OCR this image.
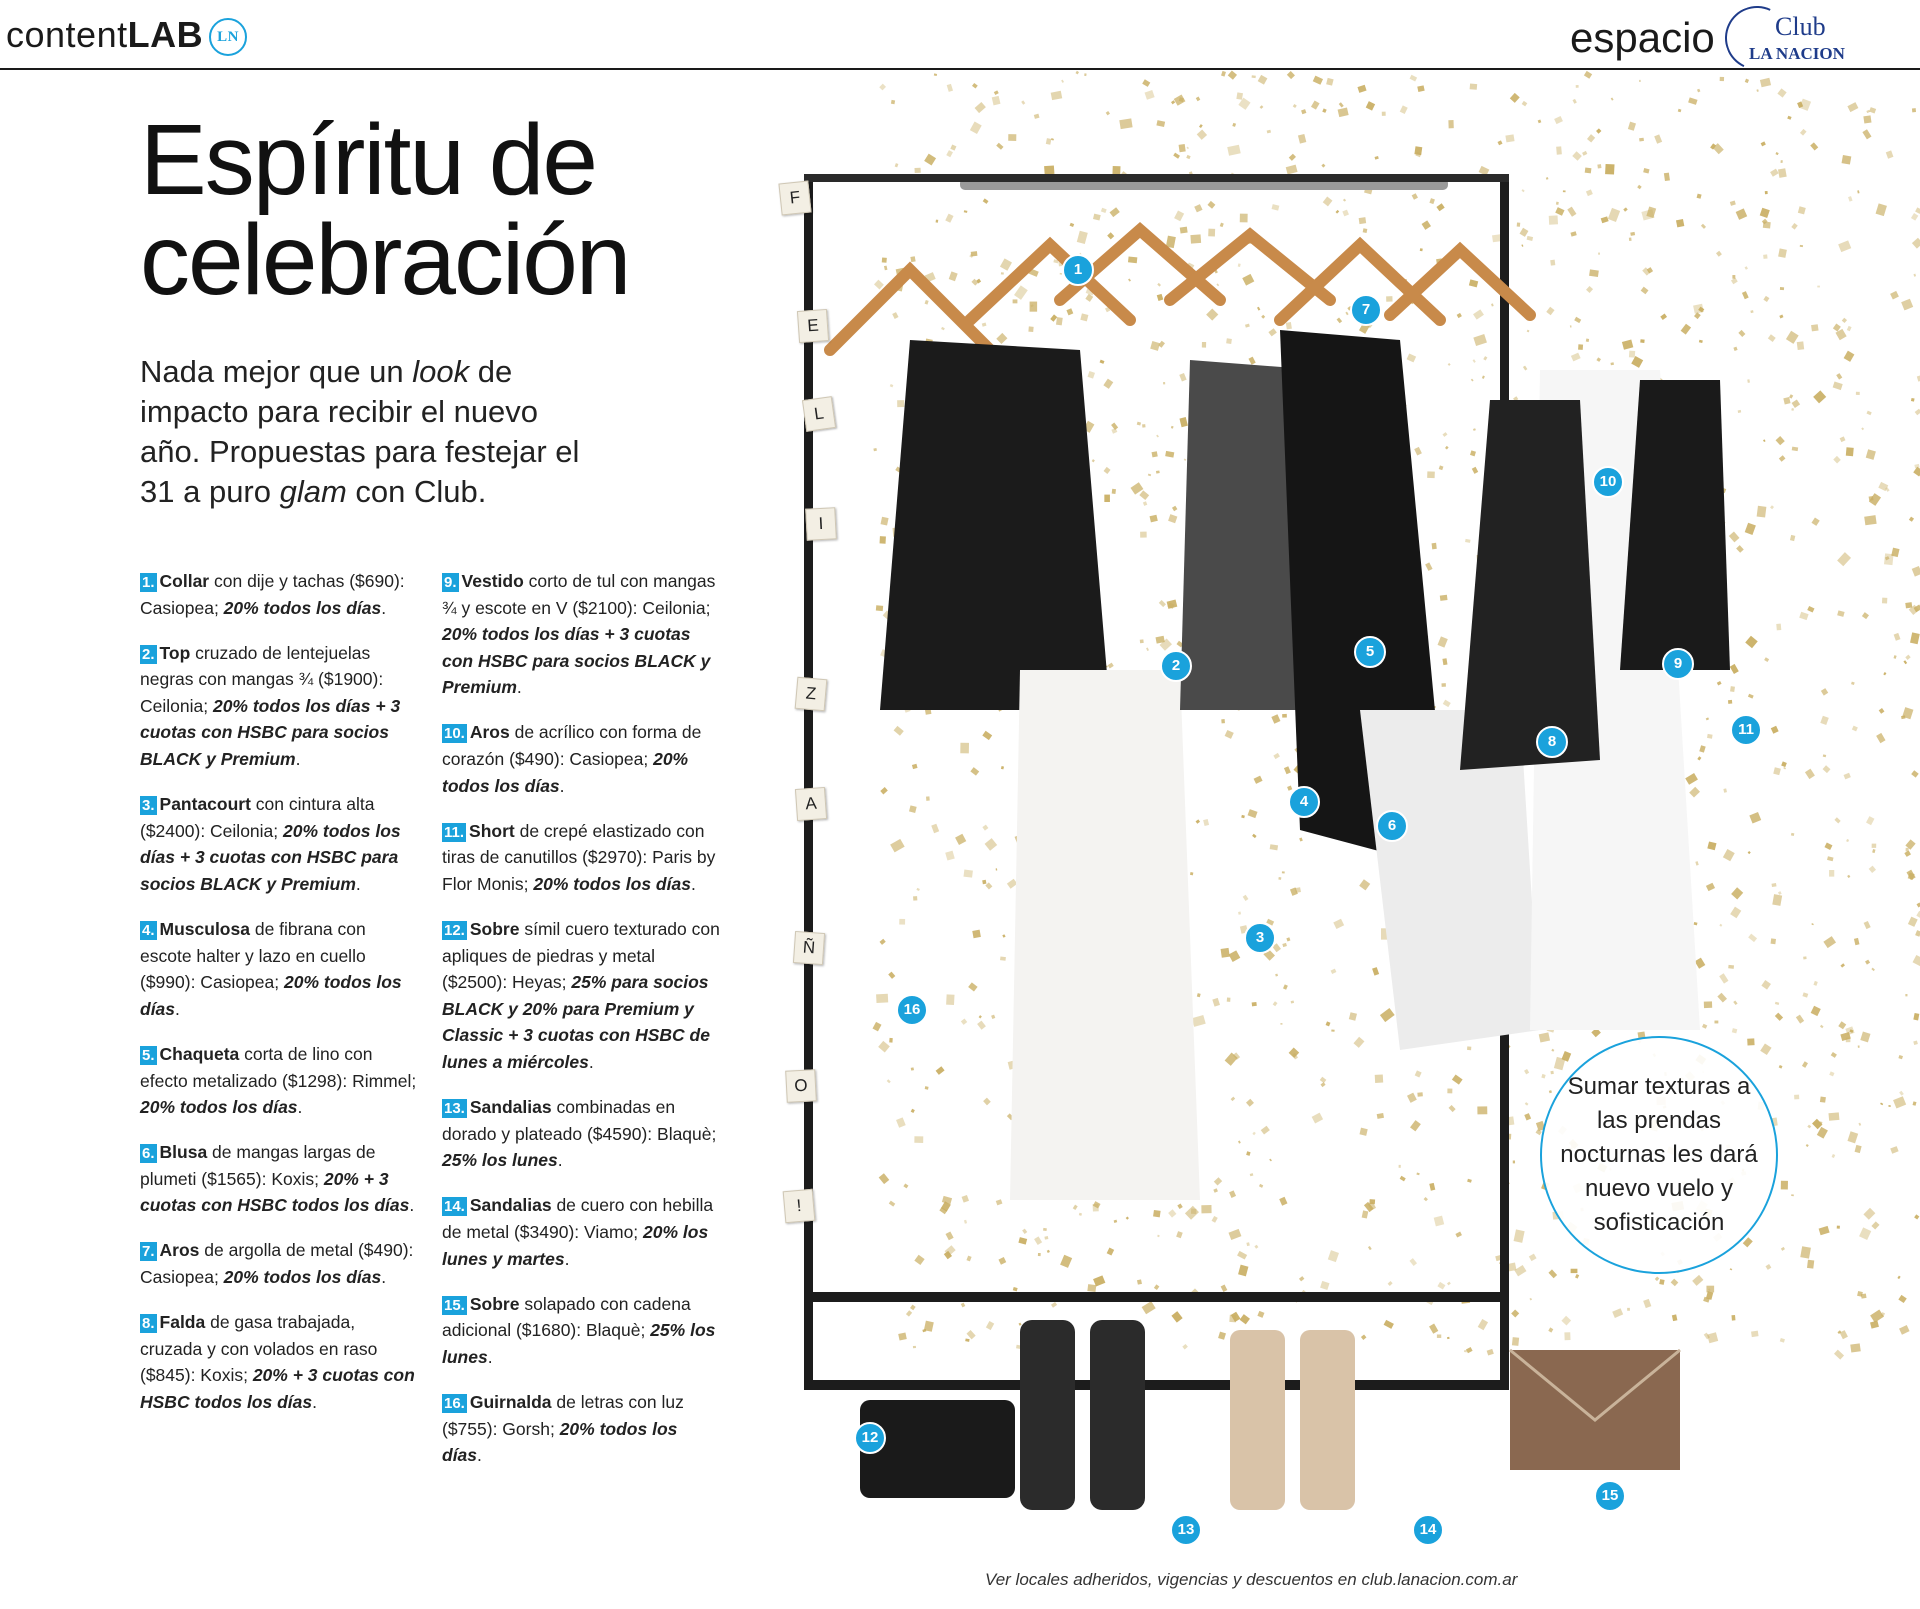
contentLAB LN	espacio Club
LA NACION
Espíritu de
celebración
Nada mejor que un look de impacto para recibir el nuevo año. Propuestas para festejar el 31 a puro glam con Club.
1. Collar con dije y tachas ($690): Casiopea; 20% todos los días.
2. Top cruzado de lentejuelas negras con mangas ¾ ($1900): Ceilonia; 20% todos los días + 3 cuotas con HSBC para socios BLACK y Premium.
3. Pantacourt con cintura alta ($2400): Ceilonia; 20% todos los días + 3 cuotas con HSBC para socios BLACK y Premium.
4. Musculosa de fibrana con escote halter y lazo en cuello ($990): Casiopea; 20% todos los días.
5. Chaqueta corta de lino con efecto metalizado ($1298): Rimmel; 20% todos los días.
6. Blusa de mangas largas de plumeti ($1565): Koxis; 20% + 3 cuotas con HSBC todos los días.
7. Aros de argolla de metal ($490): Casiopea; 20% todos los días.
8. Falda de gasa trabajada, cruzada y con volados en raso ($845): Koxis; 20% + 3 cuotas con HSBC todos los días.
9. Vestido corto de tul con mangas ¾ y escote en V ($2100): Ceilonia; 20% todos los días + 3 cuotas con HSBC para socios BLACK y Premium.
10. Aros de acrílico con forma de corazón ($490): Casiopea; 20% todos los días.
11. Short de crepé elastizado con tiras de canutillos ($2970): Paris by Flor Monis; 20% todos los días.
12. Sobre símil cuero texturado con apliques de piedras y metal ($2500): Heyas; 25% para socios BLACK y 20% para Premium y Classic + 3 cuotas con HSBC de lunes a miércoles.
13. Sandalias combinadas en dorado y plateado ($4590): Blaquè; 25% los lunes.
14. Sandalias de cuero con hebilla de metal ($3490): Viamo; 20% los lunes y martes.
15. Sobre solapado con cadena adicional ($1680): Blaquè; 25% los lunes.
16. Guirnalda de letras con luz ($755): Gorsh; 20% todos los días.
F
E
L
I
Z
A
Ñ
O
!
1
2
3
4
5
6
7
8
9
10
11
12
13	14
15
16
Sumar texturas a las prendas nocturnas les dará nuevo vuelo y sofisticación
Ver locales adheridos, vigencias y descuentos en club.lanacion.com.ar
